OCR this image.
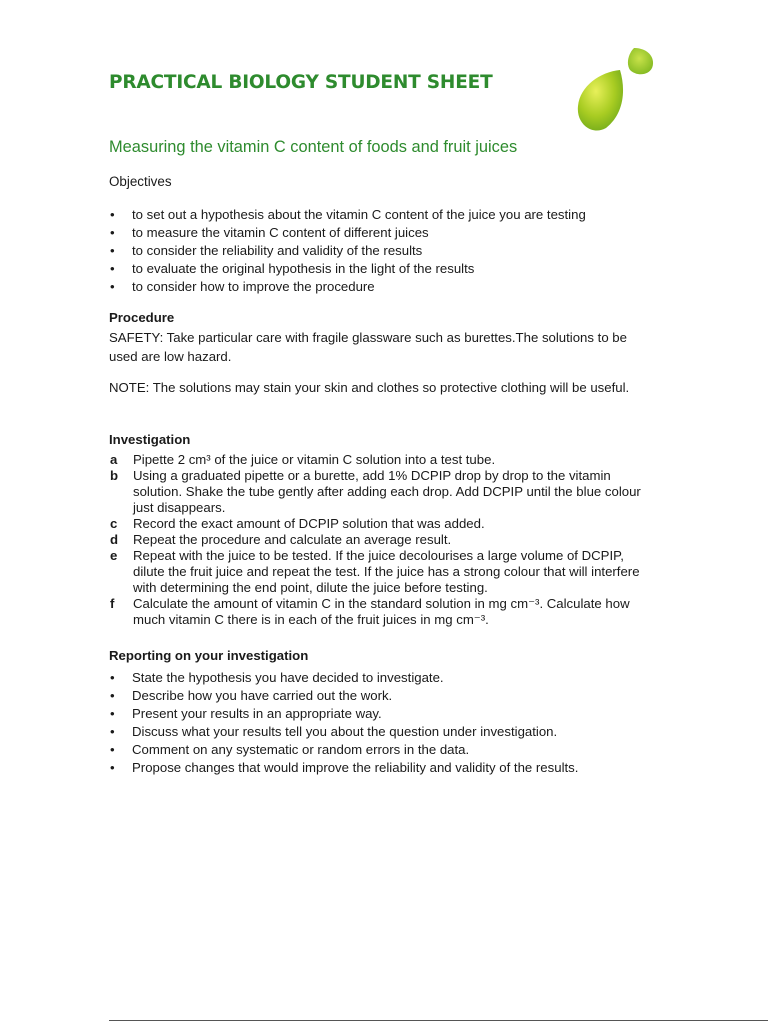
PRACTICAL BIOLOGY STUDENT SHEET
Measuring the vitamin C content of foods and fruit juices
Objectives
• to set out a hypothesis about the vitamin C content of the juice you are testing
• to measure the vitamin C content of different juices
• to consider the reliability and validity of the results
• to evaluate the original hypothesis in the light of the results
• to consider how to improve the procedure
Procedure
SAFETY: Take particular care with fragile glassware such as burettes.The solutions to be used are low hazard.
NOTE: The solutions may stain your skin and clothes so protective clothing will be useful.
Investigation
a Pipette 2 cm³ of the juice or vitamin C solution into a test tube.
b Using a graduated pipette or a burette, add 1% DCPIP drop by drop to the vitamin solution. Shake the tube gently after adding each drop. Add DCPIP until the blue colour just disappears.
c Record the exact amount of DCPIP solution that was added.
d Repeat the procedure and calculate an average result.
e Repeat with the juice to be tested. If the juice decolourises a large volume of DCPIP, dilute the fruit juice and repeat the test. If the juice has a strong colour that will interfere with determining the end point, dilute the juice before testing.
f Calculate the amount of vitamin C in the standard solution in mg cm⁻³. Calculate how much vitamin C there is in each of the fruit juices in mg cm⁻³.
Reporting on your investigation
• State the hypothesis you have decided to investigate.
• Describe how you have carried out the work.
• Present your results in an appropriate way.
• Discuss what your results tell you about the question under investigation.
• Comment on any systematic or random errors in the data.
• Propose changes that would improve the reliability and validity of the results.
